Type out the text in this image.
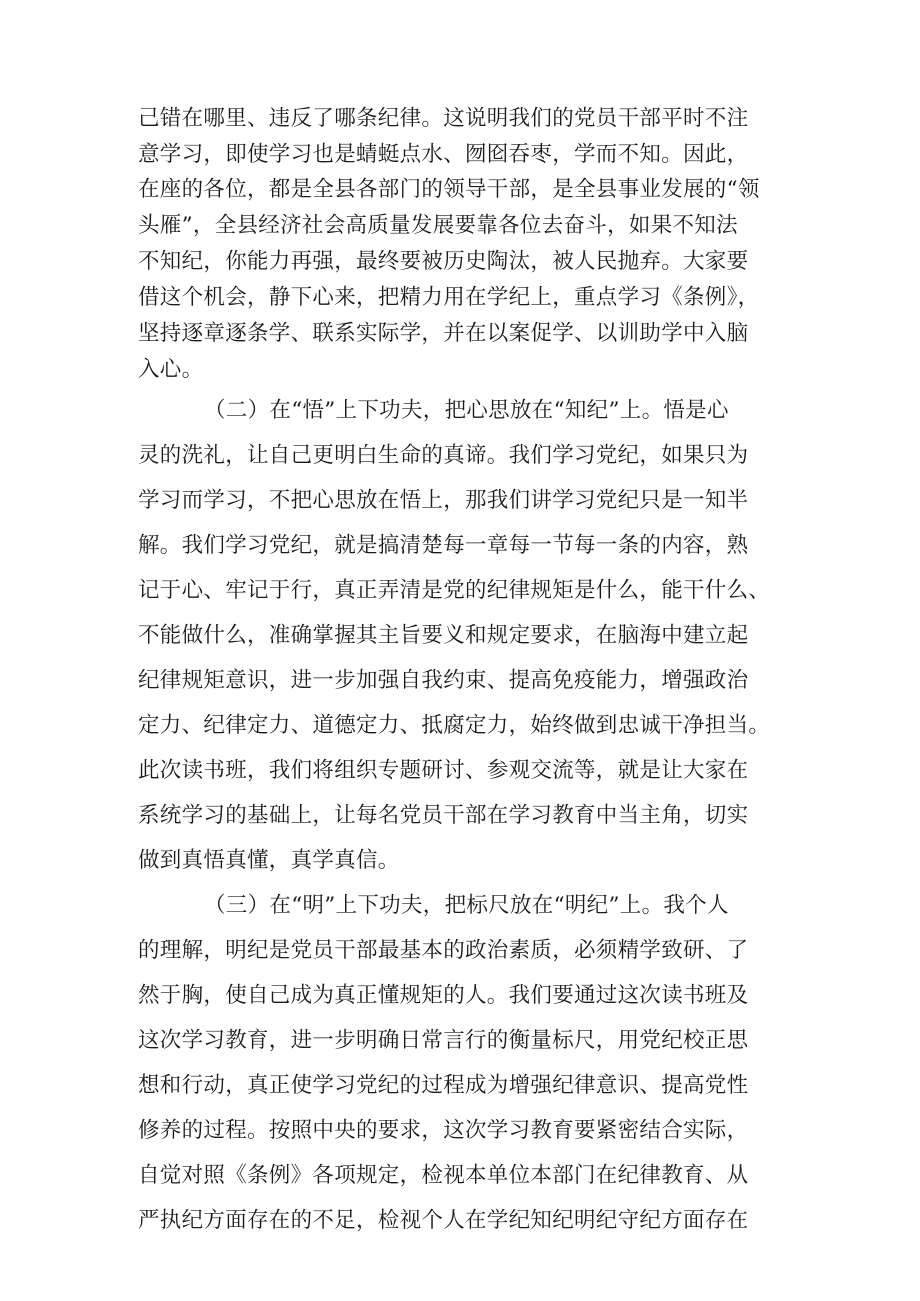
己错在哪里、违反了哪条纪律。这说明我们的党员干部平时不注
意学习，即使学习也是蜻蜓点水、囫囵吞枣，学而不知。因此，
在座的各位，都是全县各部门的领导干部，是全县事业发展的“领
头雁”，全县经济社会高质量发展要靠各位去奋斗，如果不知法
不知纪，你能力再强，最终要被历史陶汰，被人民抛弃。大家要
借这个机会，静下心来，把精力用在学纪上，重点学习《条例》，
坚持逐章逐条学、联系实际学，并在以案促学、以训助学中入脑
入心。
（二）在“悟”上下功夫，把心思放在“知纪”上。悟是心
灵的洗礼，让自己更明白生命的真谛。我们学习党纪，如果只为
学习而学习，不把心思放在悟上，那我们讲学习党纪只是一知半
解。我们学习党纪，就是搞清楚每一章每一节每一条的内容，熟
记于心、牢记于行，真正弄清是党的纪律规矩是什么，能干什么、
不能做什么，准确掌握其主旨要义和规定要求，在脑海中建立起
纪律规矩意识，进一步加强自我约束、提高免疫能力，增强政治
定力、纪律定力、道德定力、抵腐定力，始终做到忠诚干净担当。
此次读书班，我们将组织专题研讨、参观交流等，就是让大家在
系统学习的基础上，让每名党员干部在学习教育中当主角，切实
做到真悟真懂，真学真信。
（三）在“明”上下功夫，把标尺放在“明纪”上。我个人
的理解，明纪是党员干部最基本的政治素质，必须精学致研、了
然于胸，使自己成为真正懂规矩的人。我们要通过这次读书班及
这次学习教育，进一步明确日常言行的衡量标尺，用党纪校正思
想和行动，真正使学习党纪的过程成为增强纪律意识、提高党性
修养的过程。按照中央的要求，这次学习教育要紧密结合实际，
自觉对照《条例》各项规定，检视本单位本部门在纪律教育、从
严执纪方面存在的不足，检视个人在学纪知纪明纪守纪方面存在
